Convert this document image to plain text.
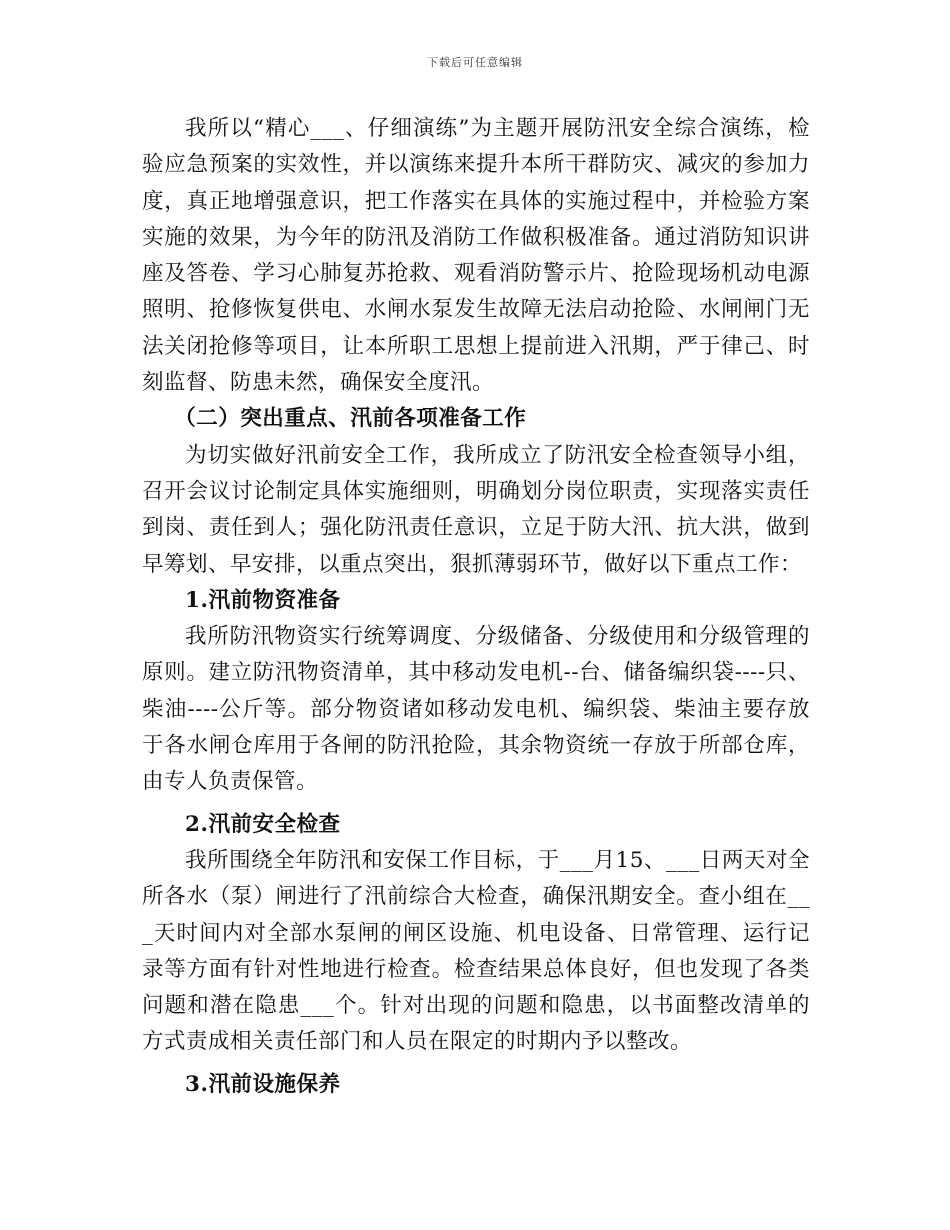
下载后可任意编辑

我所以“精心___、仔细演练”为主题开展防汛安全综合演练，检验应急预案的实效性，并以演练来提升本所干群防灾、减灾的参加力度，真正地增强意识，把工作落实在具体的实施过程中，并检验方案实施的效果，为今年的防汛及消防工作做积极准备。通过消防知识讲座及答卷、学习心肺复苏抢救、观看消防警示片、抢险现场机动电源照明、抢修恢复供电、水闸水泵发生故障无法启动抢险、水闸闸门无法关闭抢修等项目，让本所职工思想上提前进入汛期，严于律己、时刻监督、防患未然，确保安全度汛。

（二）突出重点、汛前各项准备工作

为切实做好汛前安全工作，我所成立了防汛安全检查领导小组，召开会议讨论制定具体实施细则，明确划分岗位职责，实现落实责任到岗、责任到人；强化防汛责任意识，立足于防大汛、抗大洪，做到早筹划、早安排，以重点突出，狠抓薄弱环节，做好以下重点工作：

1.汛前物资准备

我所防汛物资实行统筹调度、分级储备、分级使用和分级管理的原则。建立防汛物资清单，其中移动发电机--台、储备编织袋----只、柴油----公斤等。部分物资诸如移动发电机、编织袋、柴油主要存放于各水闸仓库用于各闸的防汛抢险，其余物资统一存放于所部仓库，由专人负责保管。

2.汛前安全检查

我所围绕全年防汛和安保工作目标，于___月15、___日两天对全所各水（泵）闸进行了汛前综合大检查，确保汛期安全。查小组在___天时间内对全部水泵闸的闸区设施、机电设备、日常管理、运行记录等方面有针对性地进行检查。检查结果总体良好，但也发现了各类问题和潜在隐患___个。针对出现的问题和隐患，以书面整改清单的方式责成相关责任部门和人员在限定的时期内予以整改。

3.汛前设施保养
